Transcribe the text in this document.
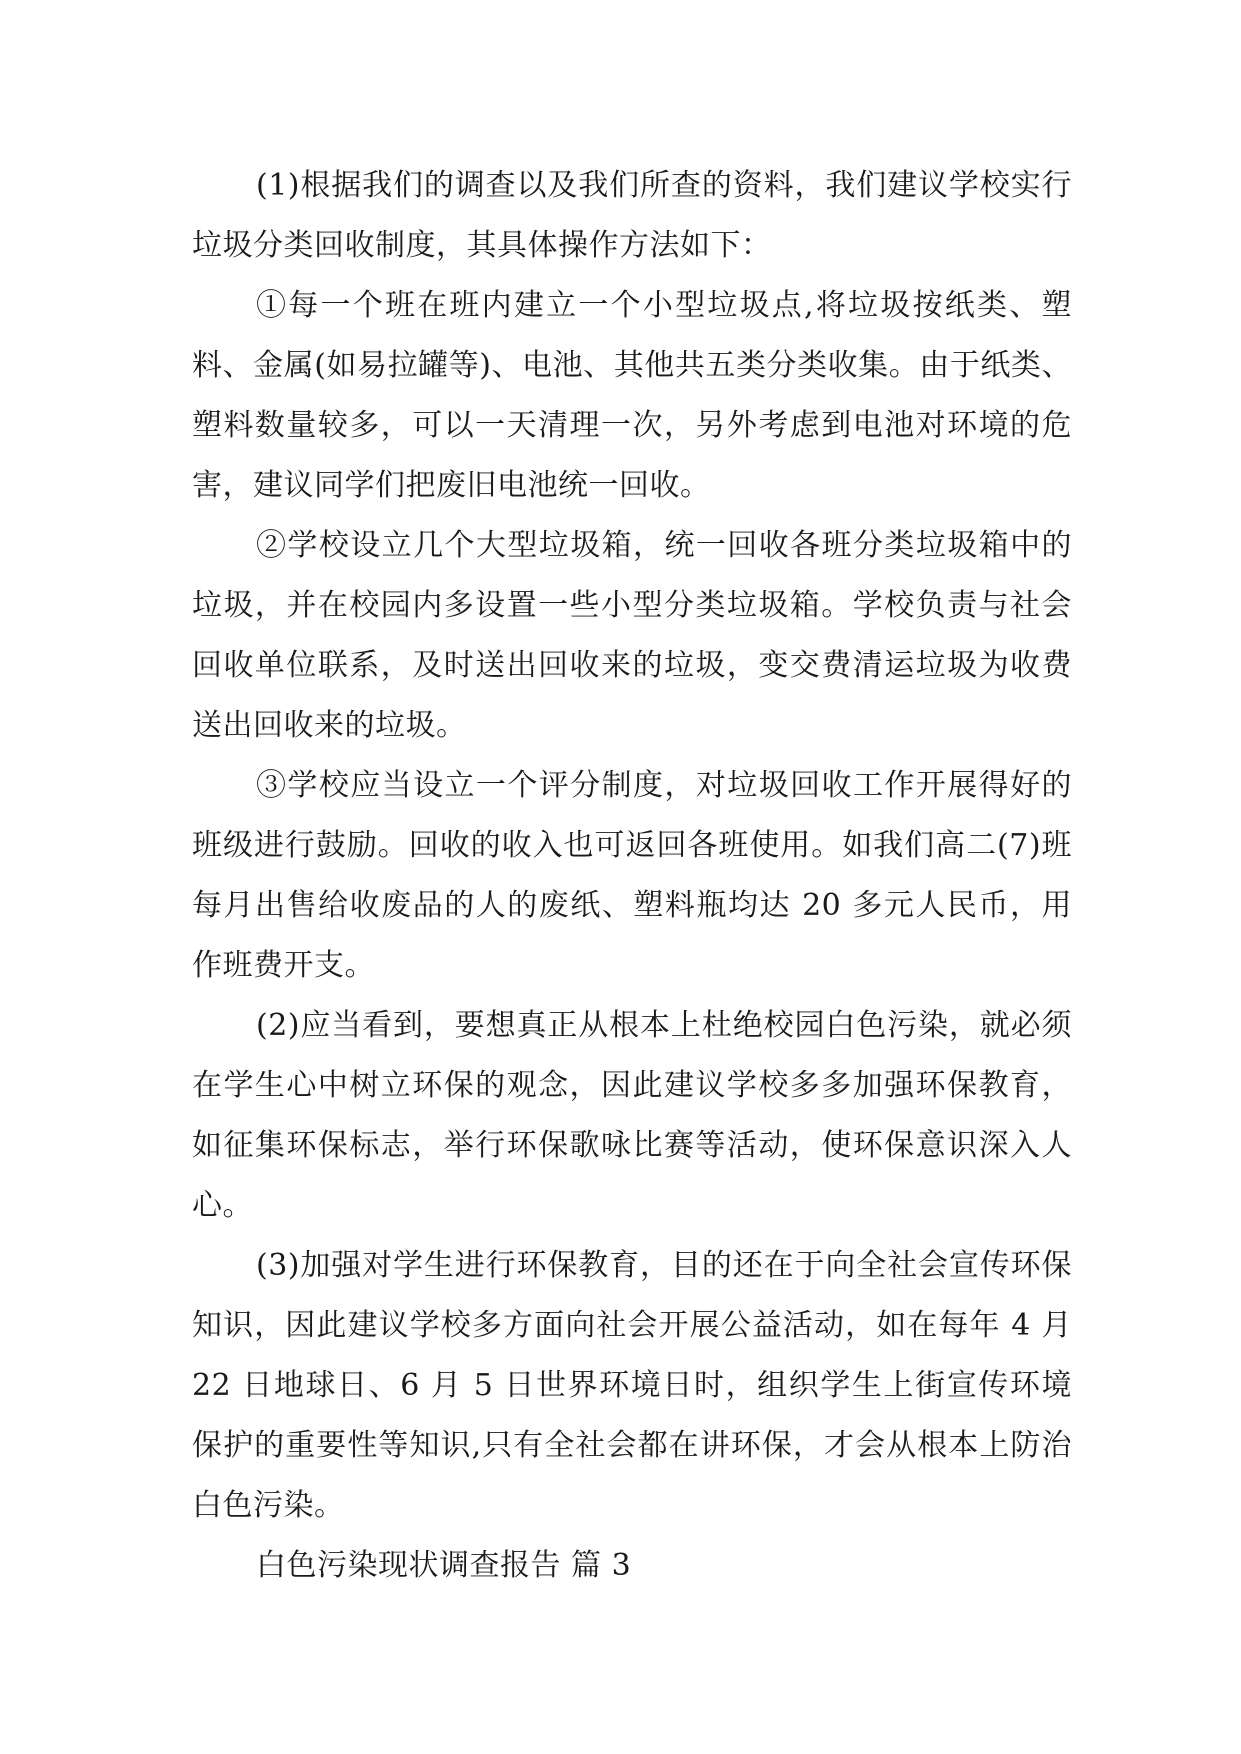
(1)根据我们的调查以及我们所查的资料，我们建议学校实行垃圾分类回收制度，其具体操作方法如下：

①每一个班在班内建立一个小型垃圾点,将垃圾按纸类、塑料、金属(如易拉罐等)、电池、其他共五类分类收集。由于纸类、塑料数量较多，可以一天清理一次，另外考虑到电池对环境的危害，建议同学们把废旧电池统一回收。

②学校设立几个大型垃圾箱，统一回收各班分类垃圾箱中的垃圾，并在校园内多设置一些小型分类垃圾箱。学校负责与社会回收单位联系，及时送出回收来的垃圾，变交费清运垃圾为收费送出回收来的垃圾。

③学校应当设立一个评分制度，对垃圾回收工作开展得好的班级进行鼓励。回收的收入也可返回各班使用。如我们高二(7)班每月出售给收废品的人的废纸、塑料瓶均达 20 多元人民币，用作班费开支。

(2)应当看到，要想真正从根本上杜绝校园白色污染，就必须在学生心中树立环保的观念，因此建议学校多多加强环保教育，如征集环保标志，举行环保歌咏比赛等活动，使环保意识深入人心。

(3)加强对学生进行环保教育，目的还在于向全社会宣传环保知识，因此建议学校多方面向社会开展公益活动，如在每年 4 月 22 日地球日、6 月 5 日世界环境日时，组织学生上街宣传环境保护的重要性等知识,只有全社会都在讲环保，才会从根本上防治白色污染。

白色污染现状调查报告 篇 3
